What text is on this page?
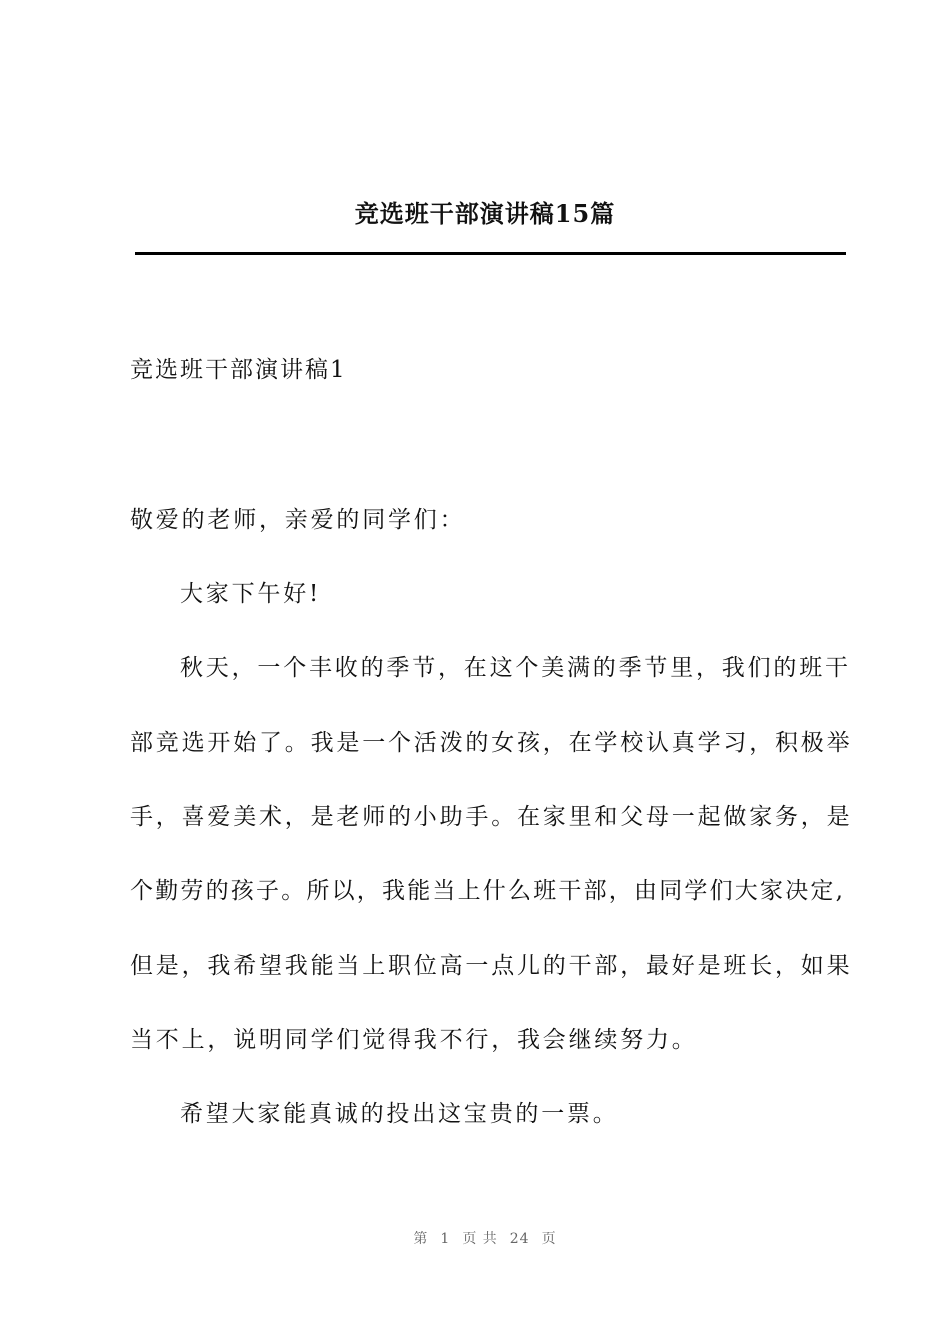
竞选班干部演讲稿15篇
竞选班干部演讲稿1
敬爱的老师，亲爱的同学们：
大家下午好!
秋天，一个丰收的季节，在这个美满的季节里，我们的班干
部竞选开始了。我是一个活泼的女孩，在学校认真学习，积极举
手，喜爱美术，是老师的小助手。在家里和父母一起做家务，是
个勤劳的孩子。所以，我能当上什么班干部，由同学们大家决定,
但是，我希望我能当上职位高一点儿的干部，最好是班长，如果
当不上，说明同学们觉得我不行，我会继续努力。
希望大家能真诚的投出这宝贵的一票。
第 1 页 共 24 页
